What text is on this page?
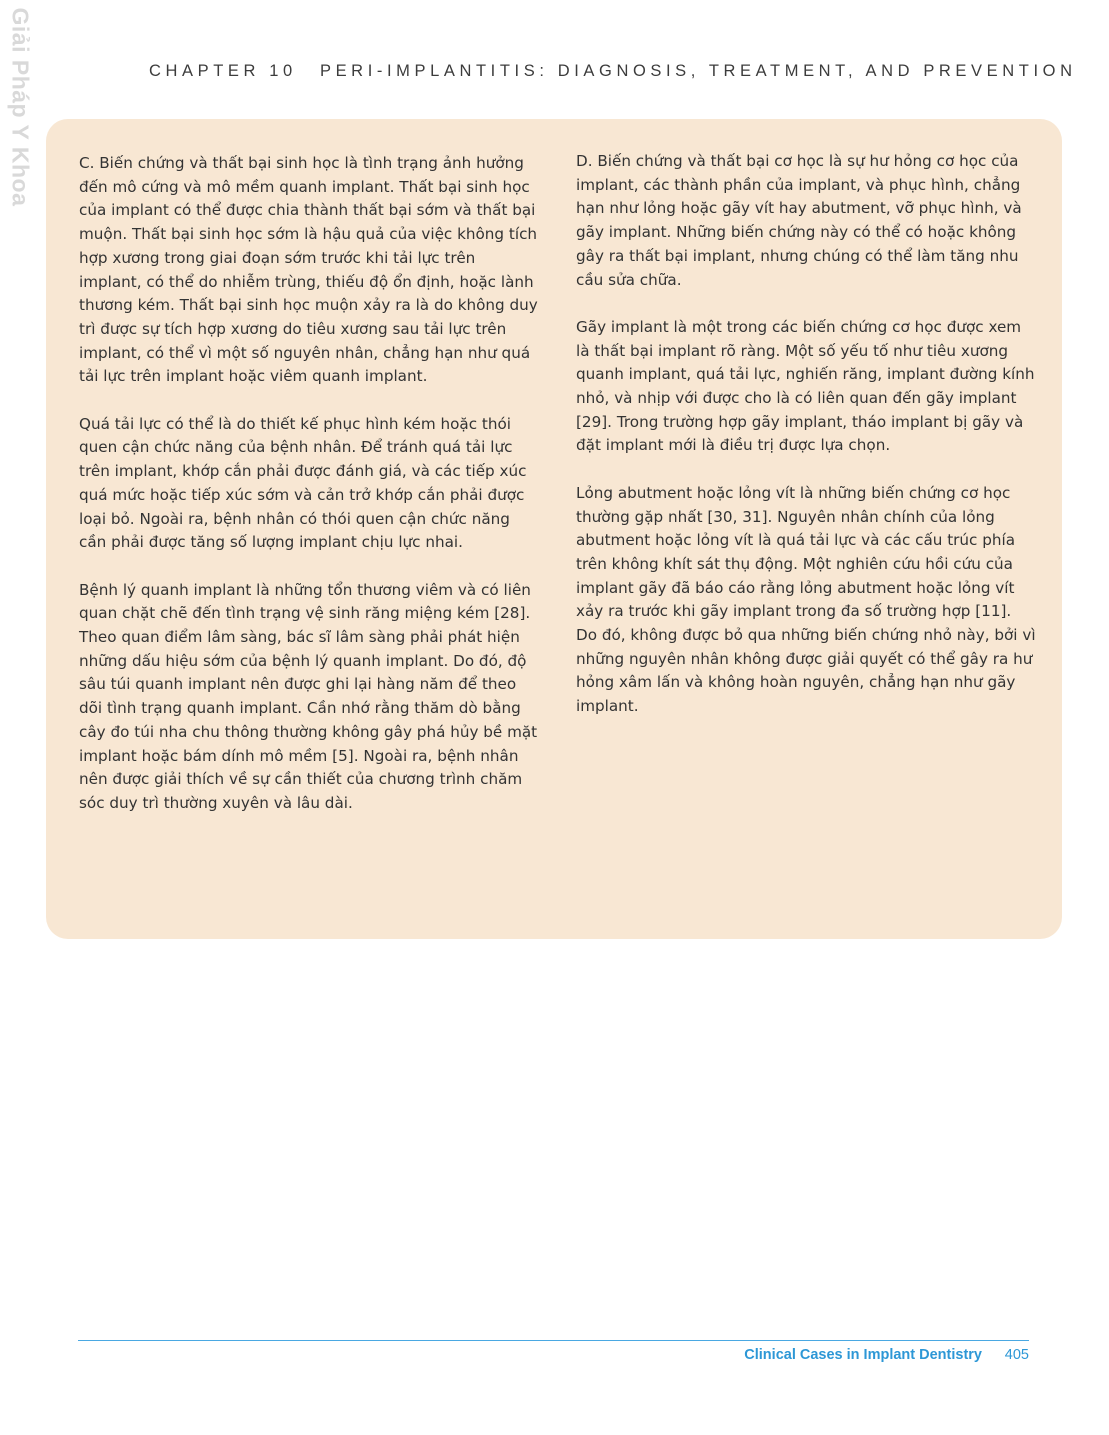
Giải Pháp Y Khoa	CHAPTER 10 PERI-IMPLANTITIS: DIAGNOSIS, TREATMENT, AND PREVENTION

C. Biến chứng và thất bại sinh học là tình trạng ảnh hưởng đến mô cứng và mô mềm quanh implant. Thất bại sinh học của implant có thể được chia thành thất bại sớm và thất bại muộn. Thất bại sinh học sớm là hậu quả của việc không tích hợp xương trong giai đoạn sớm trước khi tải lực trên implant, có thể do nhiễm trùng, thiếu độ ổn định, hoặc lành thương kém. Thất bại sinh học muộn xảy ra là do không duy trì được sự tích hợp xương do tiêu xương sau tải lực trên implant, có thể vì một số nguyên nhân, chẳng hạn như quá tải lực trên implant hoặc viêm quanh implant.

Quá tải lực có thể là do thiết kế phục hình kém hoặc thói quen cận chức năng của bệnh nhân. Để tránh quá tải lực trên implant, khớp cắn phải được đánh giá, và các tiếp xúc quá mức hoặc tiếp xúc sớm và cản trở khớp cắn phải được loại bỏ. Ngoài ra, bệnh nhân có thói quen cận chức năng cần phải được tăng số lượng implant chịu lực nhai.

Bệnh lý quanh implant là những tổn thương viêm và có liên quan chặt chẽ đến tình trạng vệ sinh răng miệng kém [28]. Theo quan điểm lâm sàng, bác sĩ lâm sàng phải phát hiện những dấu hiệu sớm của bệnh lý quanh implant. Do đó, độ sâu túi quanh implant nên được ghi lại hàng năm để theo dõi tình trạng quanh implant. Cần nhớ rằng thăm dò bằng cây đo túi nha chu thông thường không gây phá hủy bề mặt implant hoặc bám dính mô mềm [5]. Ngoài ra, bệnh nhân nên được giải thích về sự cần thiết của chương trình chăm sóc duy trì thường xuyên và lâu dài.

D. Biến chứng và thất bại cơ học là sự hư hỏng cơ học của implant, các thành phần của implant, và phục hình, chẳng hạn như lỏng hoặc gãy vít hay abutment, vỡ phục hình, và gãy implant. Những biến chứng này có thể có hoặc không gây ra thất bại implant, nhưng chúng có thể làm tăng nhu cầu sửa chữa.

Gãy implant là một trong các biến chứng cơ học được xem là thất bại implant rõ ràng. Một số yếu tố như tiêu xương quanh implant, quá tải lực, nghiến răng, implant đường kính nhỏ, và nhịp với được cho là có liên quan đến gãy implant [29]. Trong trường hợp gãy implant, tháo implant bị gãy và đặt implant mới là điều trị được lựa chọn.

Lỏng abutment hoặc lỏng vít là những biến chứng cơ học thường gặp nhất [30, 31]. Nguyên nhân chính của lỏng abutment hoặc lỏng vít là quá tải lực và các cấu trúc phía trên không khít sát thụ động. Một nghiên cứu hồi cứu của implant gãy đã báo cáo rằng lỏng abutment hoặc lỏng vít xảy ra trước khi gãy implant trong đa số trường hợp [11]. Do đó, không được bỏ qua những biến chứng nhỏ này, bởi vì những nguyên nhân không được giải quyết có thể gây ra hư hỏng xâm lấn và không hoàn nguyên, chẳng hạn như gãy implant.

Clinical Cases in Implant Dentistry 405
